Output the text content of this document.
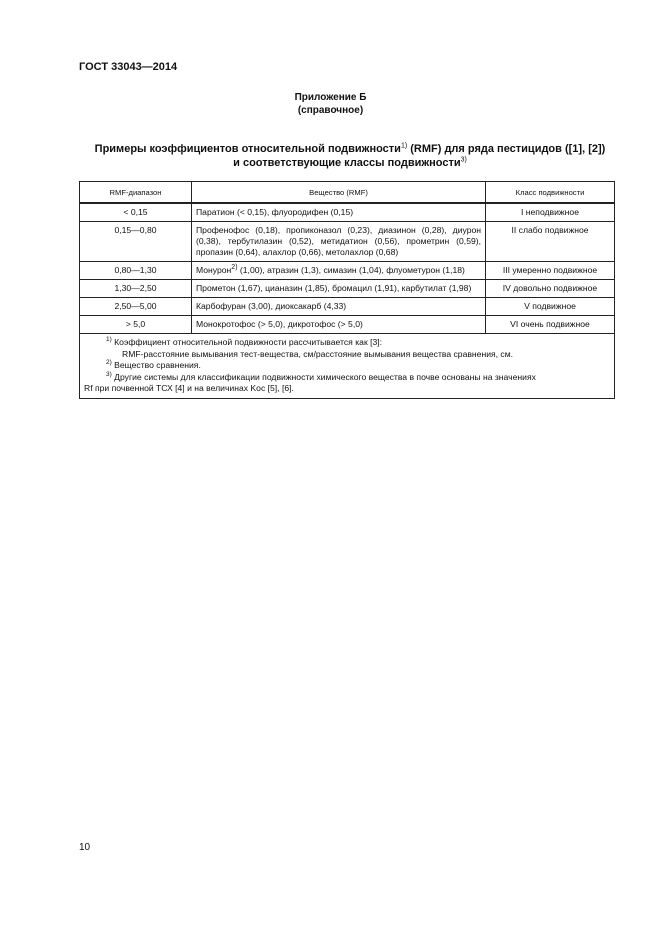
ГОСТ 33043—2014
Приложение Б
(справочное)
Примеры коэффициентов относительной подвижности$^{1)}$ (RMF) для ряда пестицидов ([1], [2])
и соответствующие классы подвижности$^{3)}$
RMF-диапазон	Вещество (RMF)	Класс подвижности
< 0,15	Паратион (< 0,15), флуородифен (0,15)	I неподвижное
0,15—0,80	Профенофос (0,18), пропиконазол (0,23), диазинон (0,28), диурон (0,38), тербутилазин (0,52), метидатион (0,56), прометрин (0,59), пропазин (0,64), алахлор (0,66), метолахлор (0,68)	II слабо подвижное
0,80—1,30	Монурон$^{2)}$ (1,00), атразин (1,3), симазин (1,04), флуометурон (1,18)	III умеренно подвижное
1,30—2,50	Прометон (1,67), цианазин (1,85), бромацил (1,91), карбутилат (1,98)	IV довольно подвижное
2,50—5,00	Карбофуран (3,00), диоксакарб (4,33)	V подвижное
> 5,0	Монокротофос (> 5,0), дикротофос (> 5,0)	VI очень подвижное

$^{1)}$ Коэффициент относительной подвижности рассчитывается как [3]:
RMF-расстояние вымывания тест-вещества, см/расстояние вымывания вещества сравнения, см.
$^{2)}$ Вещество сравнения.
$^{3)}$ Другие системы для классификации подвижности химического вещества в почве основаны на значениях
Rf при почвенной ТСХ [4] и на величинах Koc [5], [6].		
10
